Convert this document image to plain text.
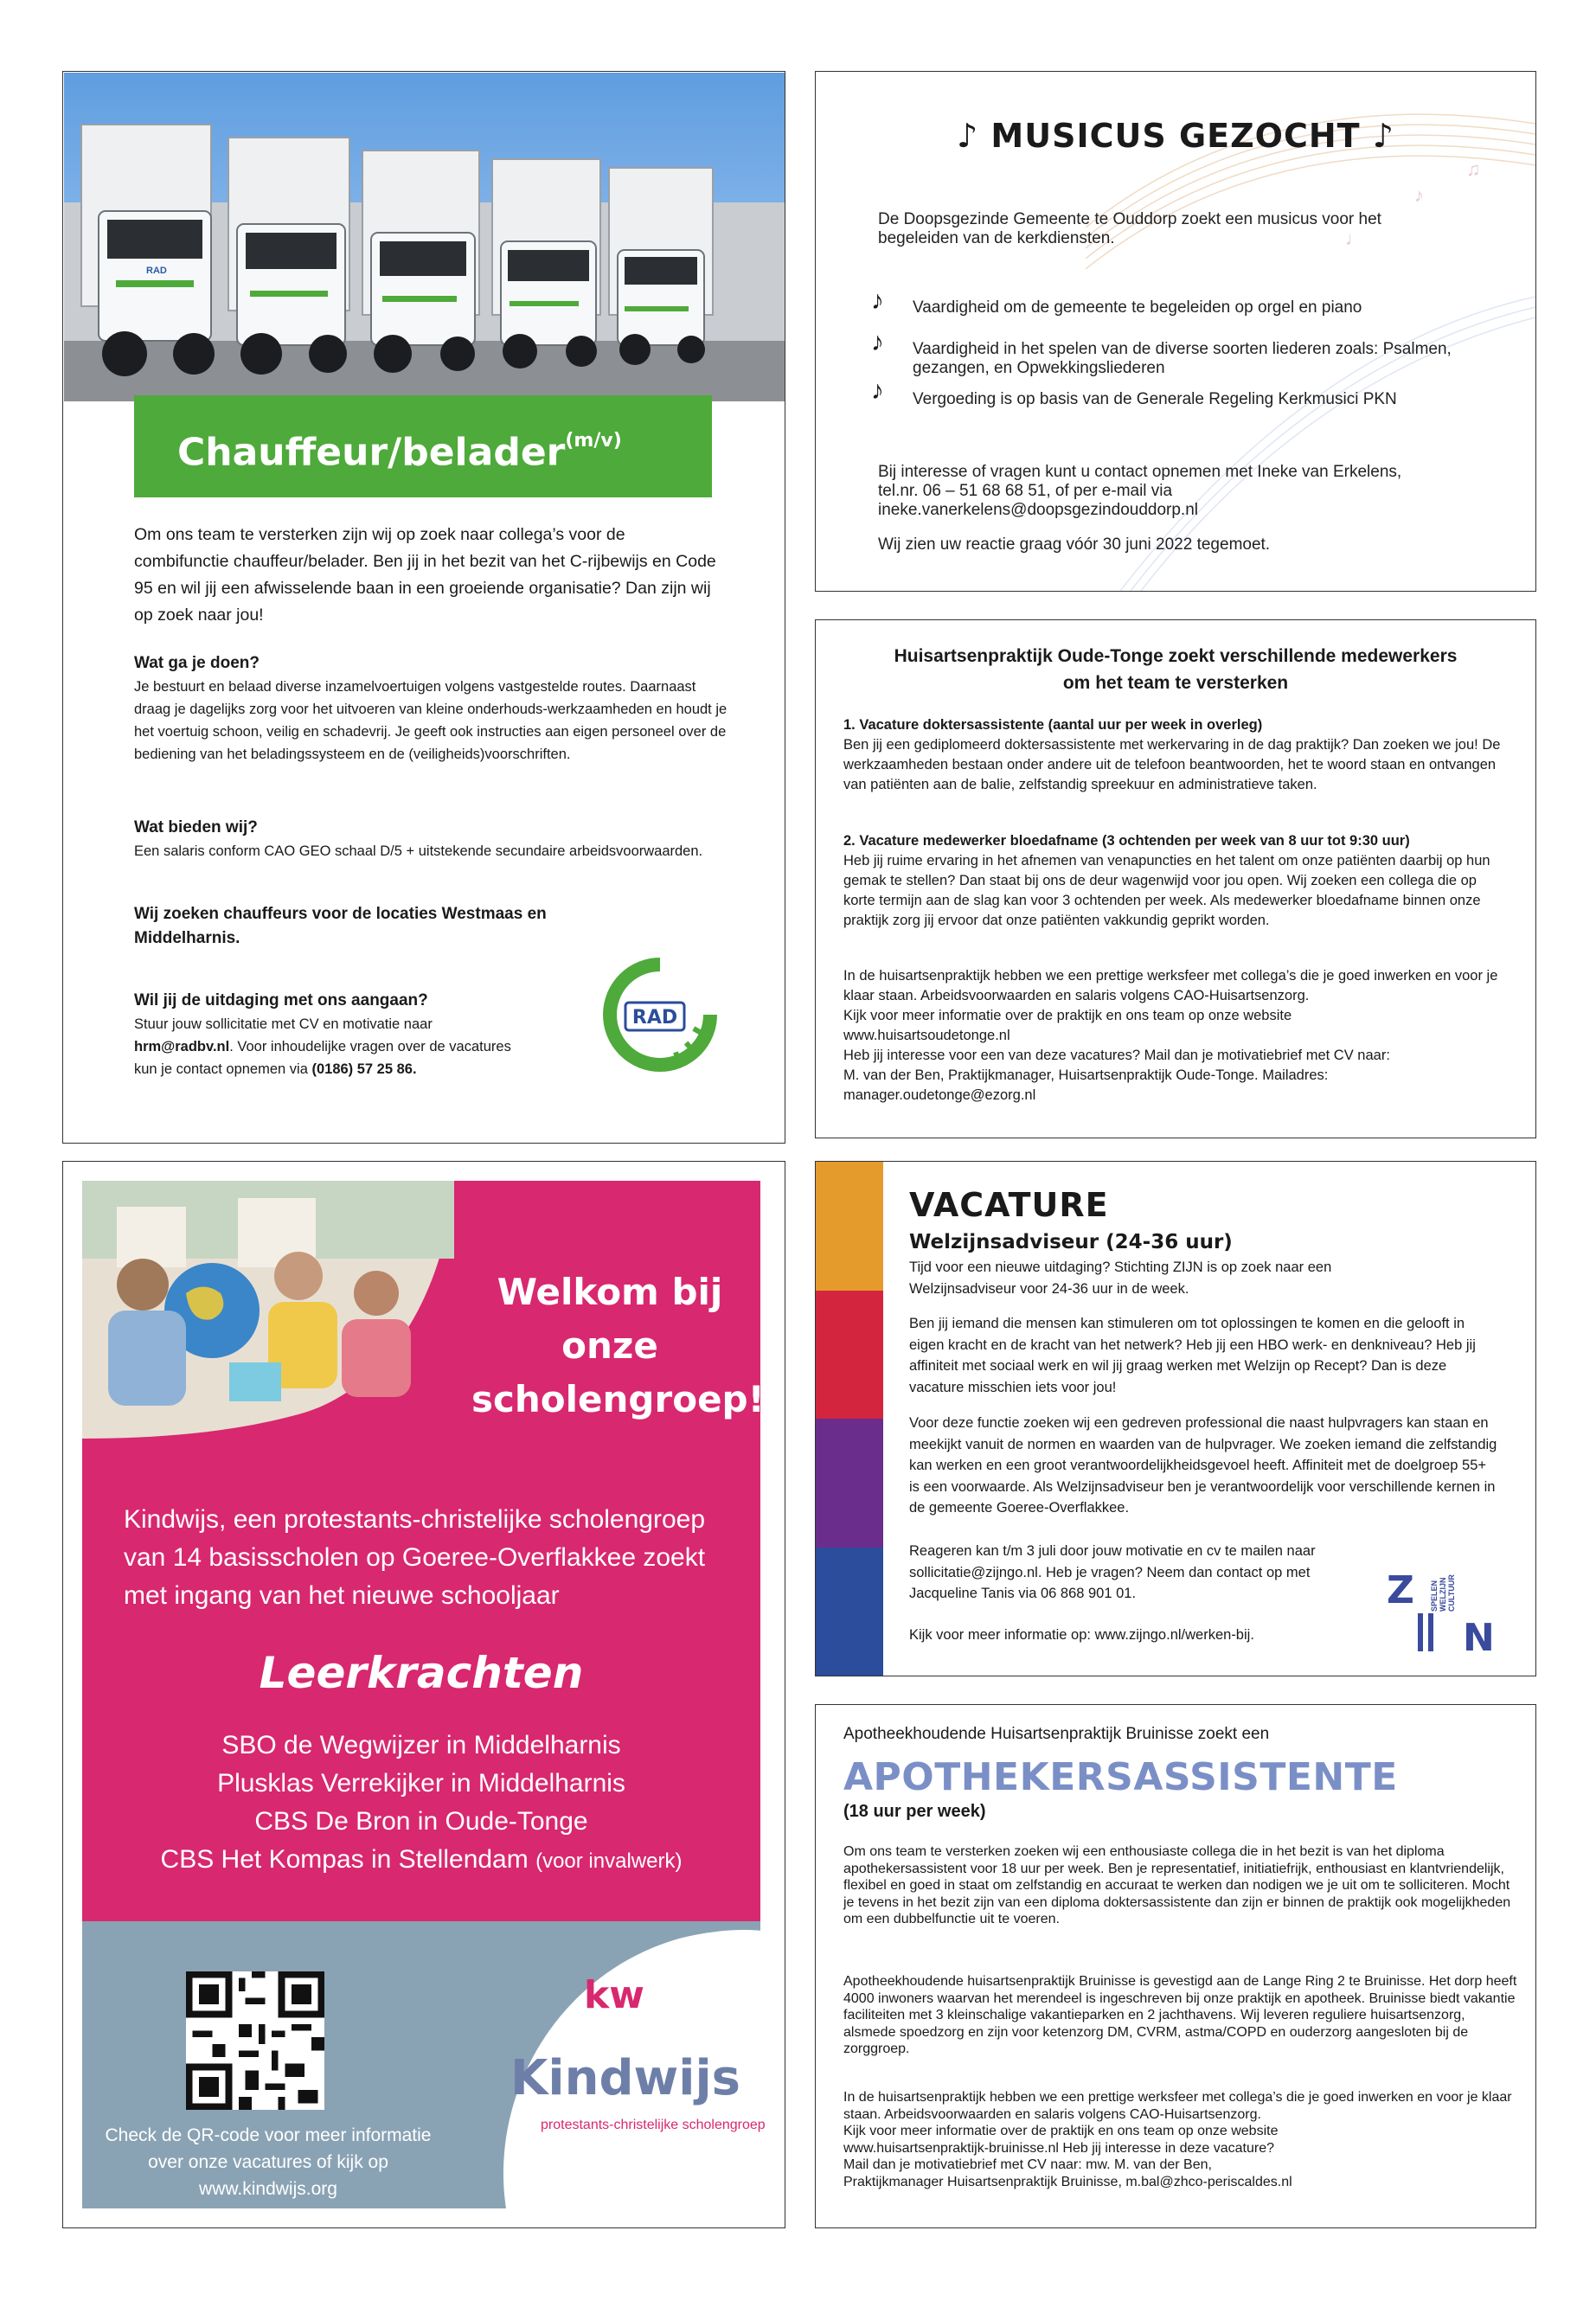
RAD
Chauffeur/belader$^{(m/v)}$

Om ons team te versterken zijn wij op zoek naar collega’s voor de combifunctie chauffeur/belader. Ben jij in het bezit van het C-rijbewijs en Code 95 en wil jij een afwisselende baan in een groeiende organisatie? Dan zijn wij op zoek naar jou!

Wat ga je doen?

Je bestuurt en belaad diverse inzamelvoertuigen volgens vastgestelde routes. Daarnaast draag je dagelijks zorg voor het uitvoeren van kleine onderhouds-werkzaamheden en houdt je het voertuig schoon, veilig en schadevrij. Je geeft ook instructies aan eigen personeel over de bediening van het beladingssysteem en de (veiligheids)voorschriften.

Wat bieden wij?

Een salaris conform CAO GEO schaal D/5 + uitstekende secundaire arbeidsvoorwaarden.

Wij zoeken chauffeurs voor de locaties Westmaas en Middelharnis.
Wil jij de uitdaging met ons aangaan?
Stuur jouw sollicitatie met CV en motivatie naar
hrm@radbv.nl. Voor inhoudelijke vragen over de vacatures
kun je contact opnemen via (0186) 57 25 86.
RAD
♪
♫
♩
♪ MUSICUS GEZOCHT ♪

De Doopsgezinde Gemeente te Ouddorp zoekt een musicus voor het begeleiden van de kerkdiensten.

♪ Vaardigheid om de gemeente te begeleiden op orgel en piano

♪ Vaardigheid in het spelen van de diverse soorten liederen zoals: Psalmen, gezangen, en Opwekkingsliederen

♪ Vergoeding is op basis van de Generale Regeling Kerkmusici PKN

Bij interesse of vragen kunt u contact opnemen met Ineke van Erkelens, tel.nr. 06 – 51 68 68 51, of per e-mail via ineke.vanerkelens@doopsgezindouddorp.nl

Wij zien uw reactie graag vóór 30 juni 2022 tegemoet.

Huisartsenpraktijk Oude-Tonge zoekt verschillende medewerkers om het team te versterken

1. Vacature doktersassistente (aantal uur per week in overleg)

Ben jij een gediplomeerd doktersassistente met werkervaring in de dag praktijk? Dan zoeken we jou! De werkzaamheden bestaan onder andere uit de telefoon beantwoorden, het te woord staan en ontvangen van patiënten aan de balie, zelfstandig spreekuur en administratieve taken.

2. Vacature medewerker bloedafname (3 ochtenden per week van 8 uur tot 9:30 uur)

Heb jij ruime ervaring in het afnemen van venapuncties en het talent om onze patiënten daarbij op hun gemak te stellen? Dan staat bij ons de deur wagenwijd voor jou open. Wij zoeken een collega die op korte termijn aan de slag kan voor 3 ochtenden per week. Als medewerker bloedafname binnen onze praktijk zorg jij ervoor dat onze patiënten vakkundig geprikt worden.

In de huisartsenpraktijk hebben we een prettige werksfeer met collega’s die je goed inwerken en voor je klaar staan. Arbeidsvoorwaarden en salaris volgens CAO-Huisartsenzorg.
Kijk voor meer informatie over de praktijk en ons team op onze website
www.huisartsoudetonge.nl
Heb jij interesse voor een van deze vacatures? Mail dan je motivatiebrief met CV naar:
M. van der Ben, Praktijkmanager, Huisartsenpraktijk Oude-Tonge. Mailadres:
manager.oudetonge@ezorg.nl

Welkom bij onze scholengroep!

Kindwijs, een protestants-christelijke scholengroep van 14 basisscholen op Goeree-Overflakkee zoekt met ingang van het nieuwe schooljaar

Leerkrachten
SBO de Wegwijzer in Middelharnis
Plusklas Verrekijker in Middelharnis
CBS De Bron in Oude-Tonge
CBS Het Kompas in Stellendam (voor invalwerk)

Check de QR-code voor meer informatie over onze vacatures of kijk op www.kindwijs.org

kw
Kindwijs
protestants-christelijke scholengroep
VACATURE
Welzijnsadviseur (24-36 uur)

Tijd voor een nieuwe uitdaging? Stichting ZIJN is op zoek naar een Welzijnsadviseur voor 24-36 uur in de week.

Ben jij iemand die mensen kan stimuleren om tot oplossingen te komen en die gelooft in eigen kracht en de kracht van het netwerk? Heb jij een HBO werk- en denkniveau? Heb jij affiniteit met sociaal werk en wil jij graag werken met Welzijn op Recept? Dan is deze vacature misschien iets voor jou!

Voor deze functie zoeken wij een gedreven professional die naast hulpvragers kan staan en meekijkt vanuit de normen en waarden van de hulpvrager. We zoeken iemand die zelfstandig kan werken en een groot verantwoordelijkheidsgevoel heeft. Affiniteit met de doelgroep 55+ is een voorwaarde. Als Welzijnsadviseur ben je verantwoordelijk voor verschillende kernen in de gemeente Goeree-Overflakkee.

Reageren kan t/m 3 juli door jouw motivatie en cv te mailen naar sollicitatie@zijngo.nl. Heb je vragen? Neem dan contact op met Jacqueline Tanis via 06 868 901 01.

Kijk voor meer informatie op: www.zijngo.nl/werken-bij.

Z
N
SPELEN WELZIJN CULTUUR

Apotheekhoudende Huisartsenpraktijk Bruinisse zoekt een

APOTHEKERSASSISTENTE

(18 uur per week)

Om ons team te versterken zoeken wij een enthousiaste collega die in het bezit is van het diploma apothekersassistent voor 18 uur per week. Ben je representatief, initiatiefrijk, enthousiast en klantvriendelijk, flexibel en goed in staat om zelfstandig en accuraat te werken dan nodigen we je uit om te solliciteren. Mocht je tevens in het bezit zijn van een diploma doktersassistente dan zijn er binnen de praktijk ook mogelijkheden om een dubbelfunctie uit te voeren.

Apotheekhoudende huisartsenpraktijk Bruinisse is gevestigd aan de Lange Ring 2 te Bruinisse. Het dorp heeft 4000 inwoners waarvan het merendeel is ingeschreven bij onze praktijk en apotheek. Bruinisse biedt vakantie faciliteiten met 3 kleinschalige vakantieparken en 2 jachthavens. Wij leveren reguliere huisartsenzorg, alsmede spoedzorg en zijn voor ketenzorg DM, CVRM, astma/COPD en ouderzorg aangesloten bij de zorggroep.

In de huisartsenpraktijk hebben we een prettige werksfeer met collega’s die je goed inwerken en voor je klaar staan. Arbeidsvoorwaarden en salaris volgens CAO-Huisartsenzorg.
Kijk voor meer informatie over de praktijk en ons team op onze website
www.huisartsenpraktijk-bruinisse.nl Heb jij interesse in deze vacature?
Mail dan je motivatiebrief met CV naar: mw. M. van der Ben,
Praktijkmanager Huisartsenpraktijk Bruinisse, m.bal@zhco-periscaldes.nl
